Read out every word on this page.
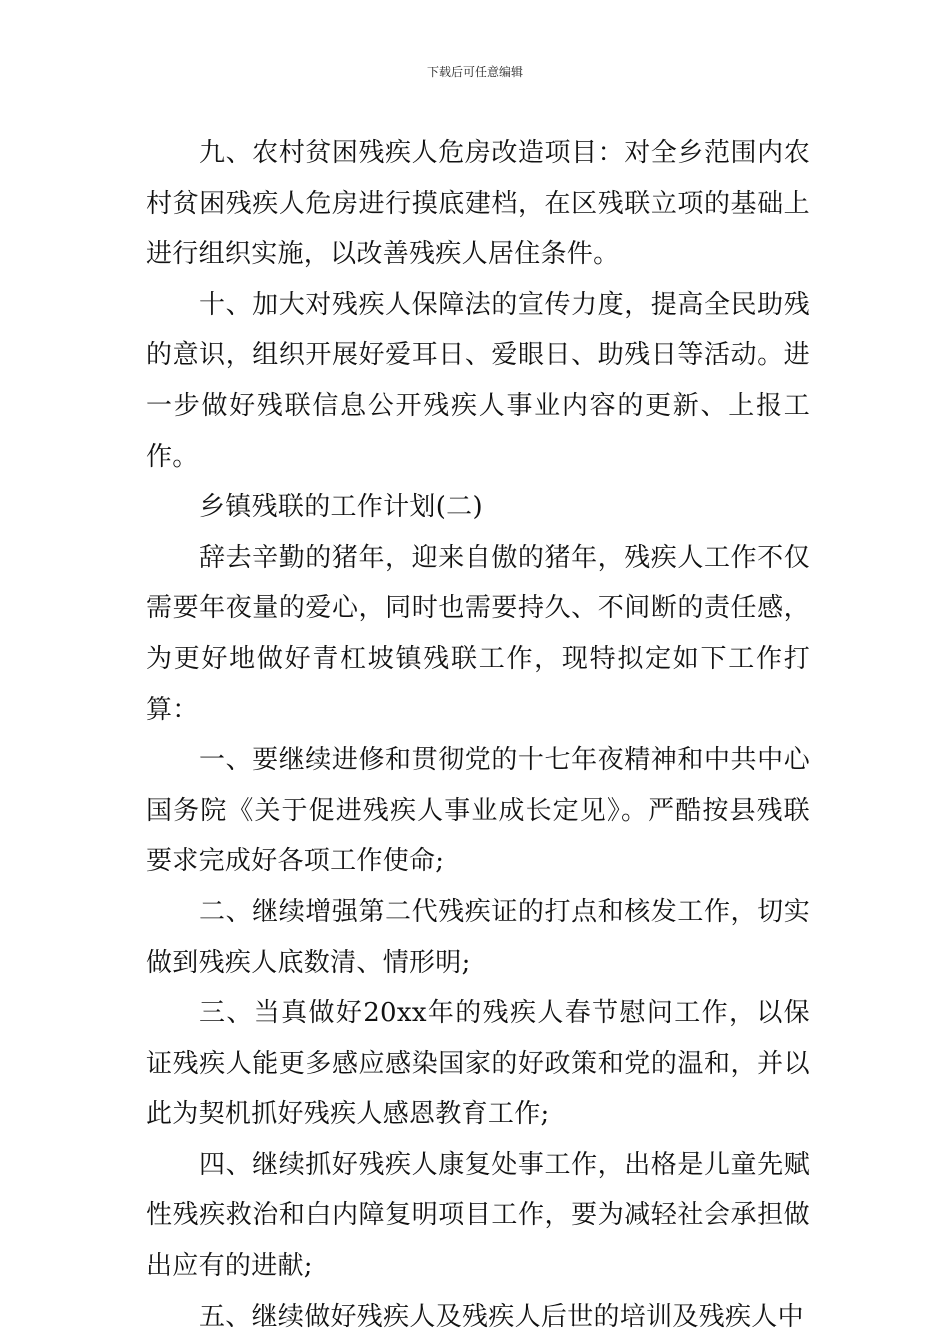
下载后可任意编辑

九、农村贫困残疾人危房改造项目：对全乡范围内农村贫困残疾人危房进行摸底建档，在区残联立项的基础上进行组织实施，以改善残疾人居住条件。

十、加大对残疾人保障法的宣传力度，提高全民助残的意识，组织开展好爱耳日、爱眼日、助残日等活动。进一步做好残联信息公开残疾人事业内容的更新、上报工作。

乡镇残联的工作计划(二)

辞去辛勤的猪年，迎来自傲的猪年，残疾人工作不仅需要年夜量的爱心，同时也需要持久、不间断的责任感，为更好地做好青杠坡镇残联工作，现特拟定如下工作打算：

一、要继续进修和贯彻党的十七年夜精神和中共中心国务院《关于促进残疾人事业成长定见》。严酷按县残联要求完成好各项工作使命;

二、继续增强第二代残疾证的打点和核发工作，切实做到残疾人底数清、情形明;

三、当真做好20xx年的残疾人春节慰问工作，以保证残疾人能更多感应感染国家的好政策和党的温和，并以此为契机抓好残疾人感恩教育工作;

四、继续抓好残疾人康复处事工作，出格是儿童先赋性残疾救治和白内障复明项目工作，要为减轻社会承担做出应有的进献;

五、继续做好残疾人及残疾人后世的培训及残疾人中
